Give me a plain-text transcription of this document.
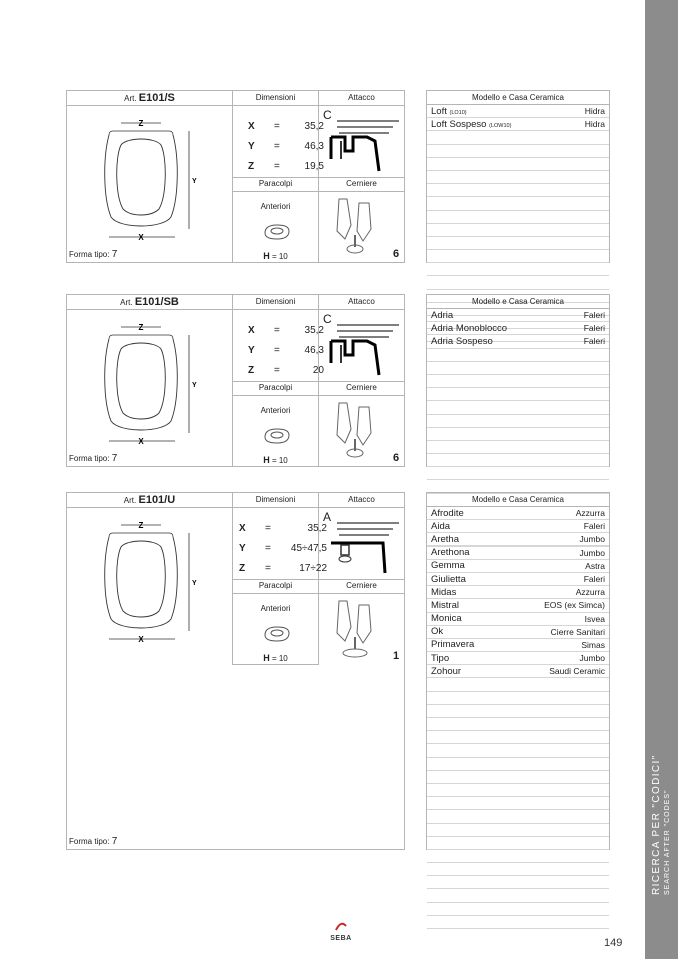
RICERCA PER "CODICI" SEARCH AFTER "CODES"
Art. E101/S	Dimensioni	Attacco
Paracolpi	Cerniere
Z
X
Y
Forma tipo: 7
X	=	35,2
Y	=	46,3
Z	=	19,5
C
Anteriori
H = 10	6
Modello e Casa Ceramica
Loft (LO10)	Hidra
Loft Sospeso (LOW10)	Hidra
Art. E101/SB	Dimensioni	Attacco
Paracolpi	Cerniere
Z
X
Y
Forma tipo: 7
X	=	35,2
Y	=	46,3
Z	=	20
C
Anteriori
H = 10	6
Modello e Casa Ceramica
Adria	Faleri
Adria Monoblocco	Faleri
Adria Sospeso	Faleri
Art. E101/U	Dimensioni	Attacco
Paracolpi	Cerniere
Z
X
Y
Forma tipo: 7
X	=	35,2
Y	=	45÷47,5
Z	=	17÷22
A
Anteriori
H = 10	1
Modello e Casa Ceramica
Afrodite	Azzurra
Aida	Faleri
Aretha	Jumbo
Arethona	Jumbo
Gemma	Astra
Giulietta	Faleri
Midas	Azzurra
Mistral	EOS (ex Simca)
Monica	Isvea
Ok	Cierre Sanitari
Primavera	Simas
Tipo	Jumbo
Zohour	Saudi Ceramic
SEBA	149
